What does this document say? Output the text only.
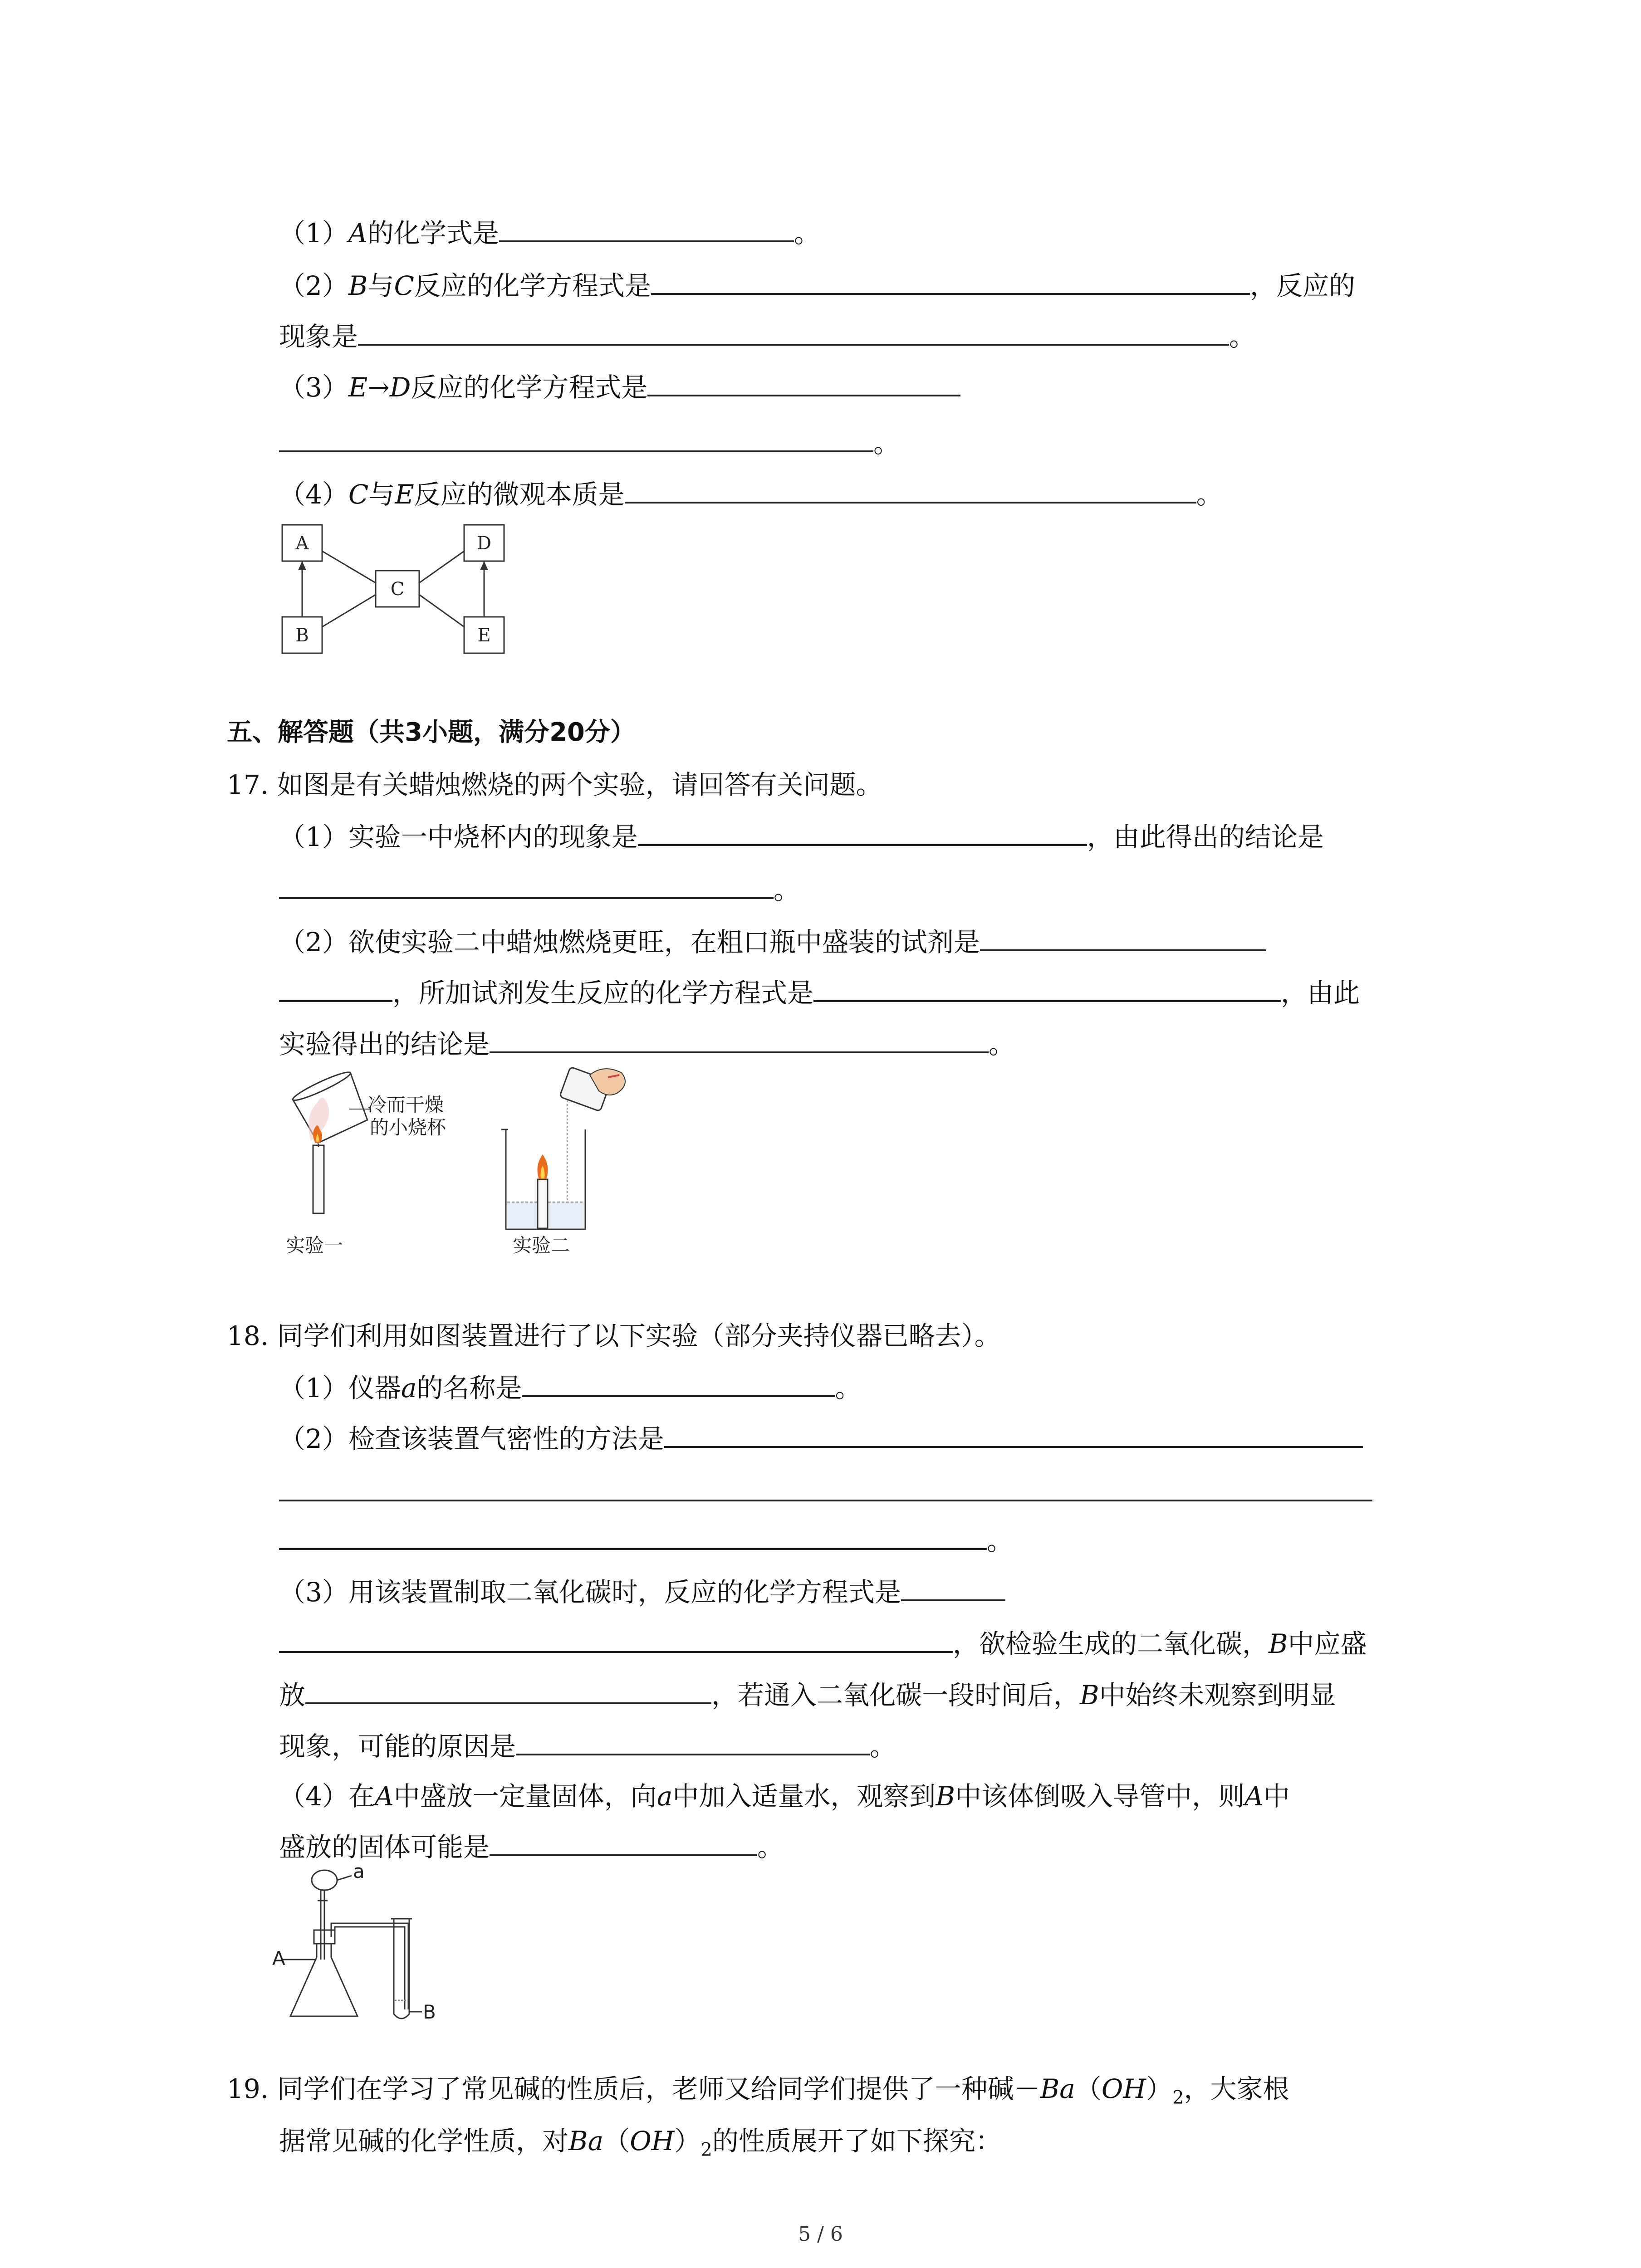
（1）A的化学式是	。
（2）B与C反应的化学方程式是	，反应的
现象是	。
（3）E→D反应的化学方程式是
。
（4）C与E反应的微观本质是	。
A
B
C
D
E
五、解答题（共3小题，满分20分）
17. 如图是有关蜡烛燃烧的两个实验，请回答有关问题。
（1）实验一中烧杯内的现象是	，由此得出的结论是
。
（2）欲使实验二中蜡烛燃烧更旺，在粗口瓶中盛装的试剂是
，所加试剂发生反应的化学方程式是	，由此
实验得出的结论是	。
冷而干燥
的小烧杯
实验一	实验二
18. 同学们利用如图装置进行了以下实验（部分夹持仪器已略去）。
（1）仪器a的名称是	。
（2）检查该装置气密性的方法是
。
（3）用该装置制取二氧化碳时，反应的化学方程式是
，欲检验生成的二氧化碳，B中应盛
放	，若通入二氧化碳一段时间后，B中始终未观察到明显
现象，可能的原因是	。
（4）在A中盛放一定量固体，向a中加入适量水，观察到B中该体倒吸入导管中，则A中
盛放的固体可能是	。
a
A
B
19. 同学们在学习了常见碱的性质后，老师又给同学们提供了一种碱$-Ba(OH)_2$，大家根
据常见碱的化学性质，对$Ba(OH)_2$的性质展开了如下探究：
5 / 6
